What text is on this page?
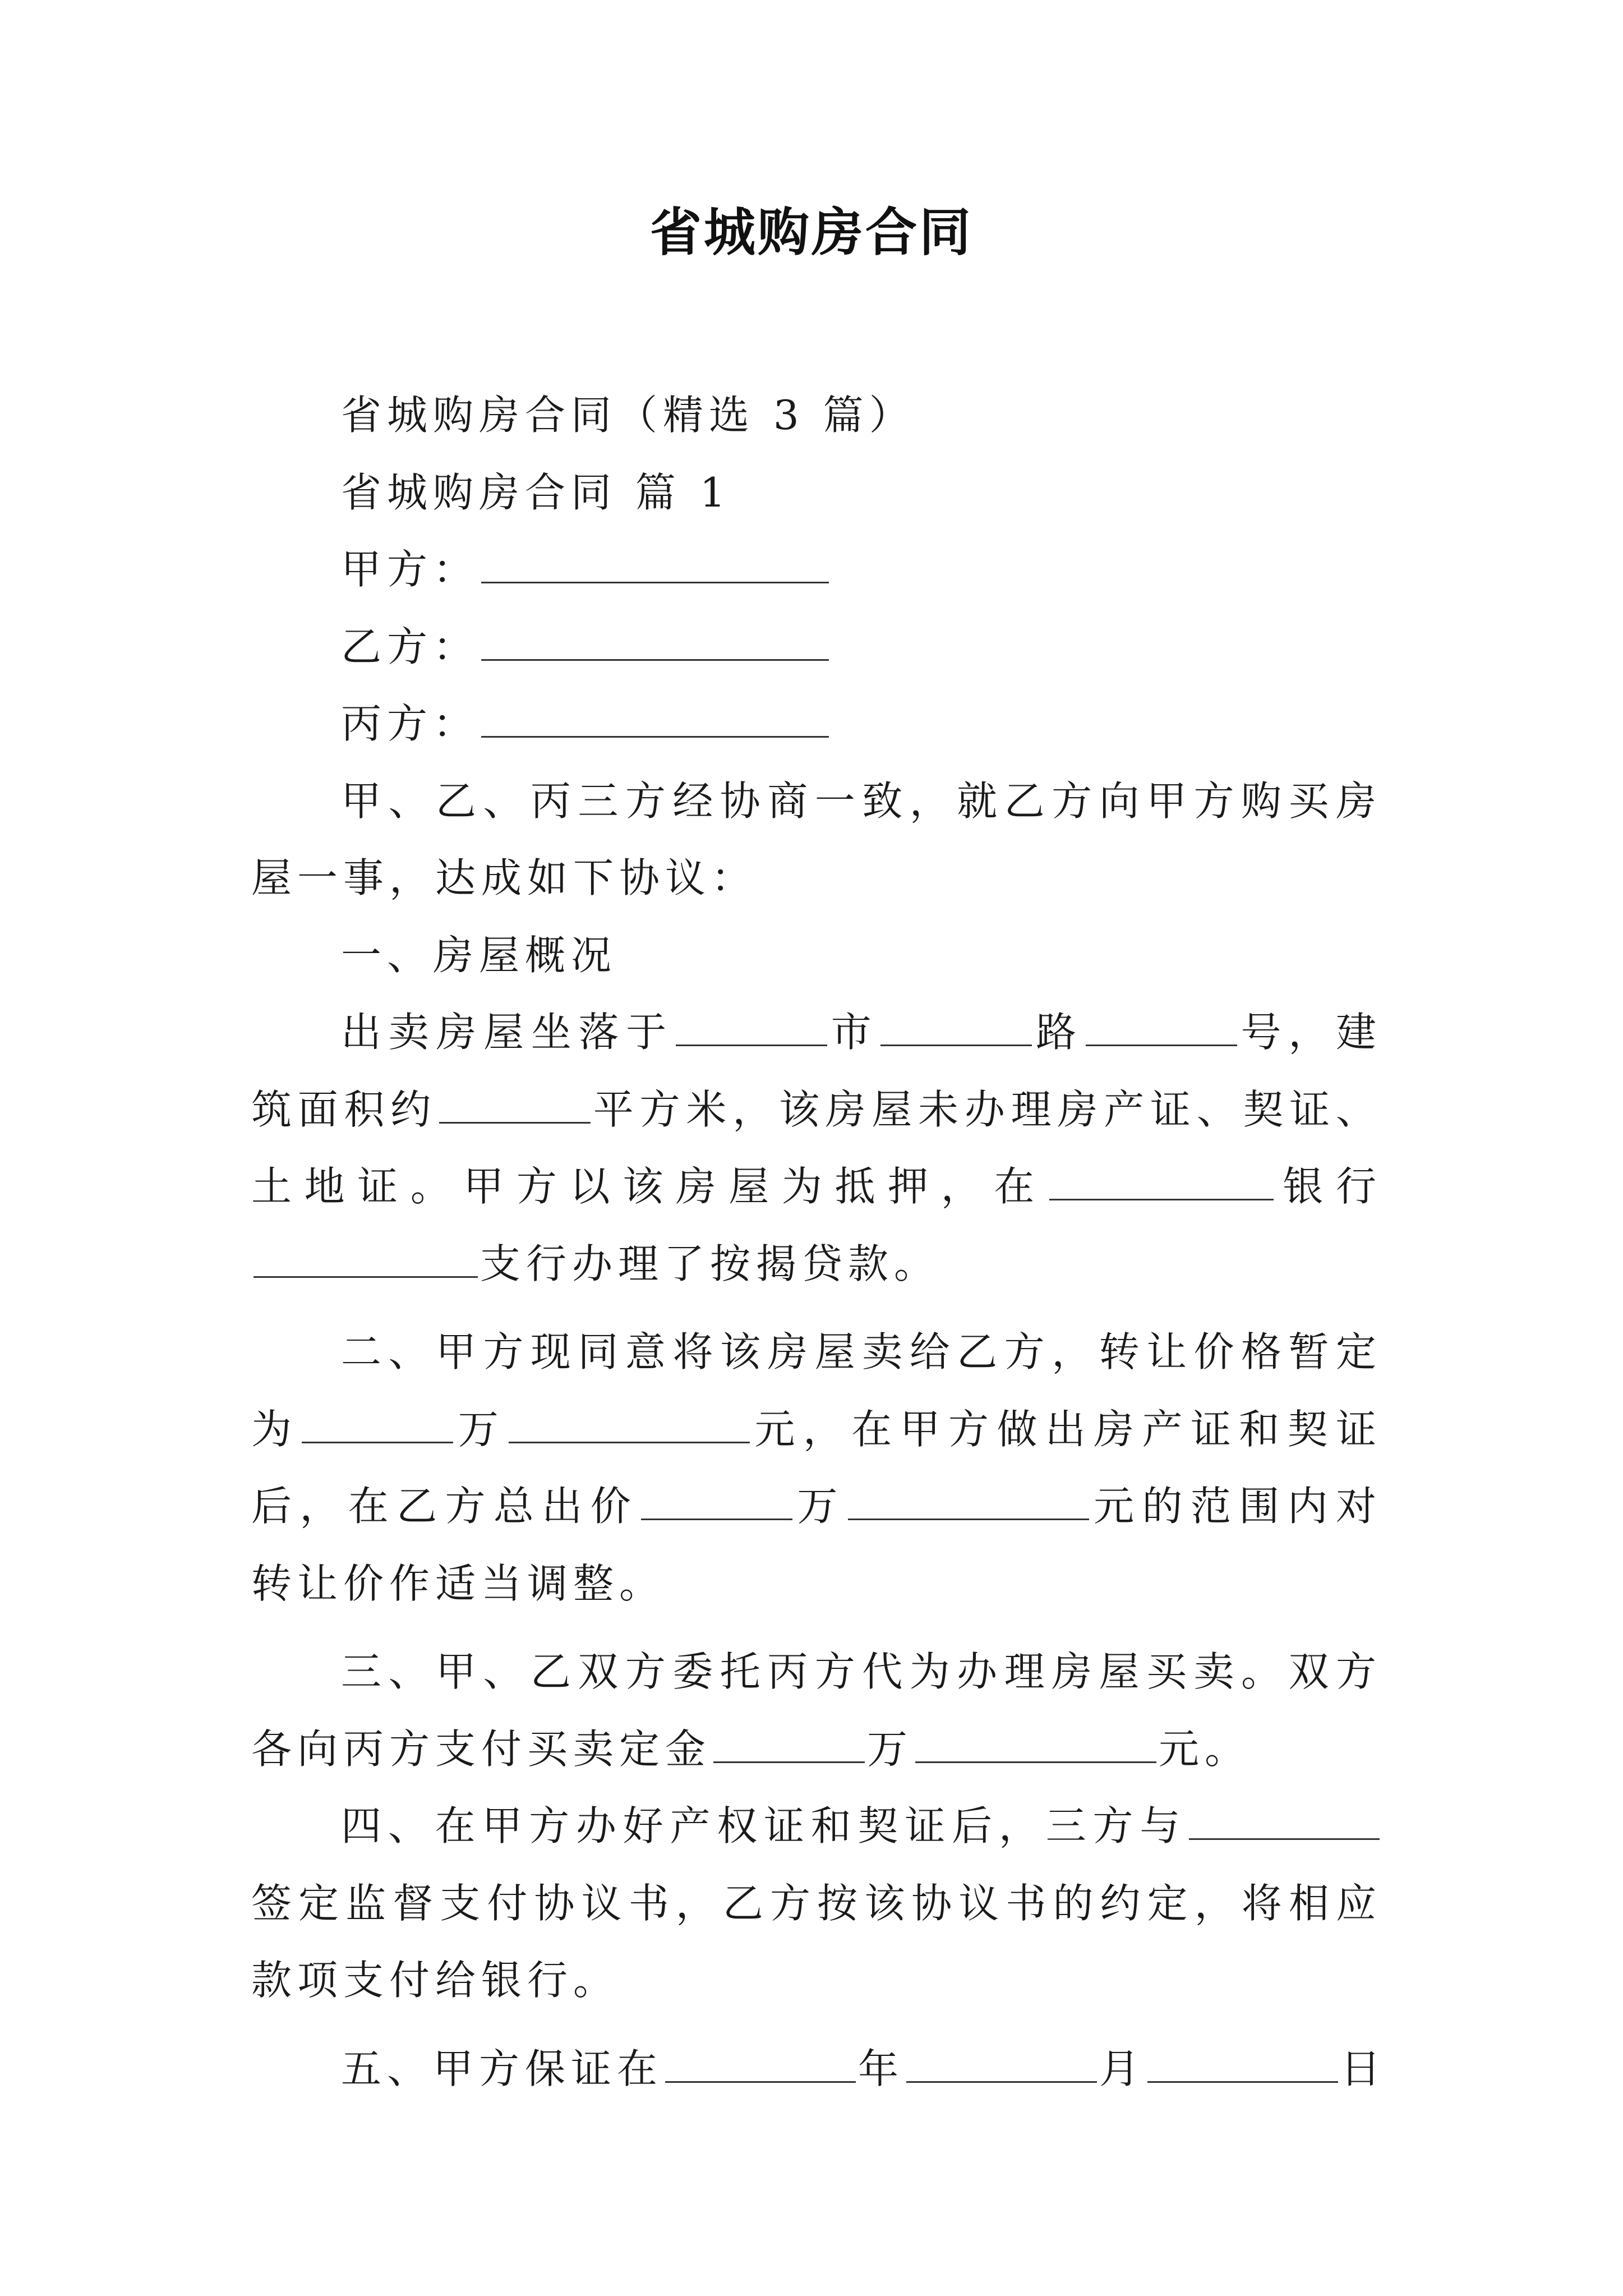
省城购房合同

省城购房合同（精选 3 篇）

省城购房合同 篇 1

甲方：

乙方：

丙方：

甲、乙、丙三方经协商一致，就乙方向甲方购买房屋一事，达成如下协议：

一、房屋概况

出卖房屋坐落于	市	路	号，建筑面积约	平方米，该房屋未办理房产证、契证、土地证。甲方以该房屋为抵押，在	银行支行办理了按揭贷款。

二、甲方现同意将该房屋卖给乙方，转让价格暂定为	万	元，在甲方做出房产证和契证后，在乙方总出价	万	元的范围内对转让价作适当调整。

三、甲、乙双方委托丙方代为办理房屋买卖。双方各向丙方支付买卖定金	万	元。

四、在甲方办好产权证和契证后，三方与签定监督支付协议书，乙方按该协议书的约定，将相应款项支付给银行。

五、甲方保证在	年	月	日
